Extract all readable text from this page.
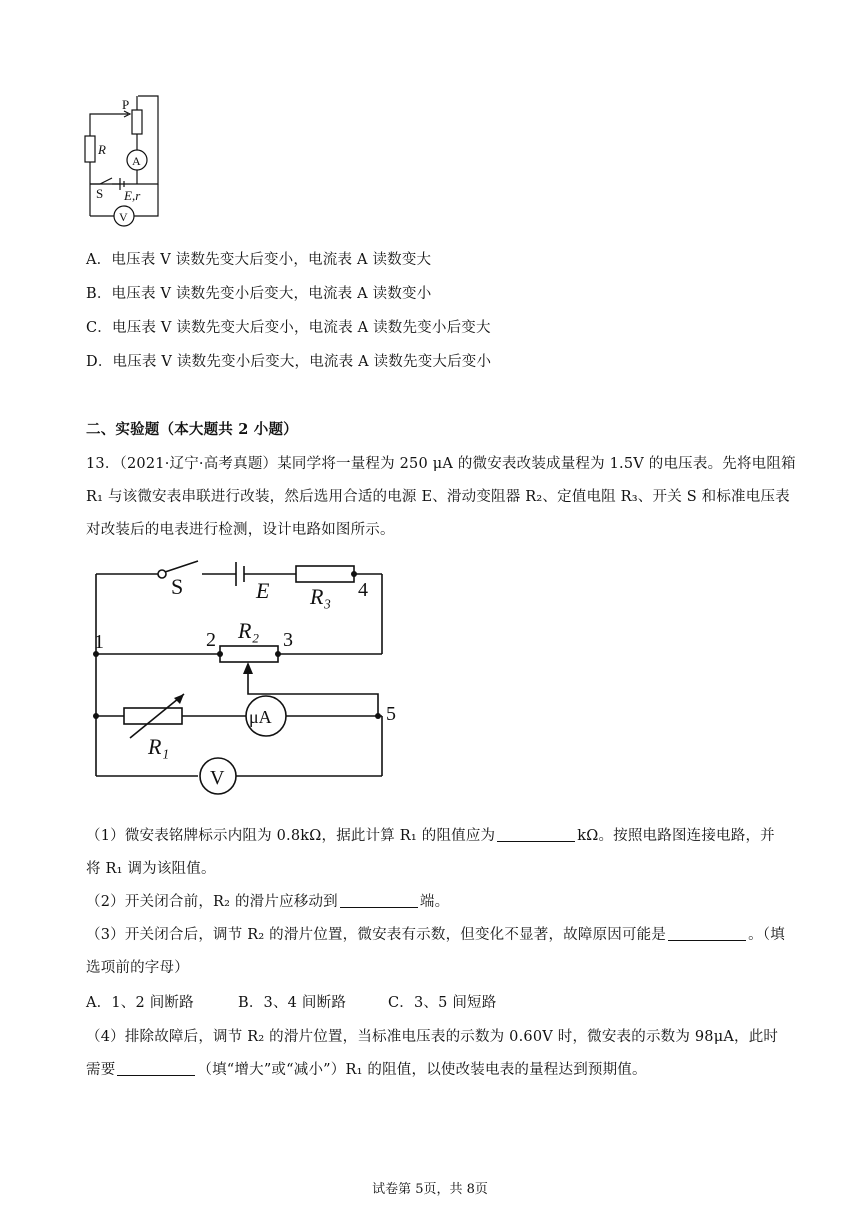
P
R
A
S E,r
V
A．电压表 V 读数先变大后变小，电流表 A 读数变大
B．电压表 V 读数先变小后变大，电流表 A 读数变小
C．电压表 V 读数先变大后变小，电流表 A 读数先变小后变大
D．电压表 V 读数先变小后变大，电流表 A 读数先变大后变小
二、实验题（本大题共 2 小题）
13．（2021·辽宁·高考真题）某同学将一量程为 250 μA 的微安表改装成量程为 1.5V 的电压表。先将电阻箱
R₁ 与该微安表串联进行改装，然后选用合适的电源 E、滑动变阻器 R₂、定值电阻 R₃、开关 S 和标准电压表
对改装后的电表进行检测，设计电路如图所示。
S	E R₃ 4
1	2 R₂ 3
R₁
μA	5
V
（1）微安表铭牌标示内阻为 0.8kΩ，据此计算 R₁ 的阻值应为	kΩ。按照电路图连接电路，并
将 R₁ 调为该阻值。
（2）开关闭合前，R₂ 的滑片应移动到	端。
（3）开关闭合后，调节 R₂ 的滑片位置，微安表有示数，但变化不显著，故障原因可能是	。（填
选项前的字母）
A．1、2 间断路	B．3、4 间断路	C．3、5 间短路
（4）排除故障后，调节 R₂ 的滑片位置，当标准电压表的示数为 0.60V 时，微安表的示数为 98μA，此时
需要	（填“增大”或“减小”）R₁ 的阻值，以使改装电表的量程达到预期值。
试卷第 5页，共 8页
